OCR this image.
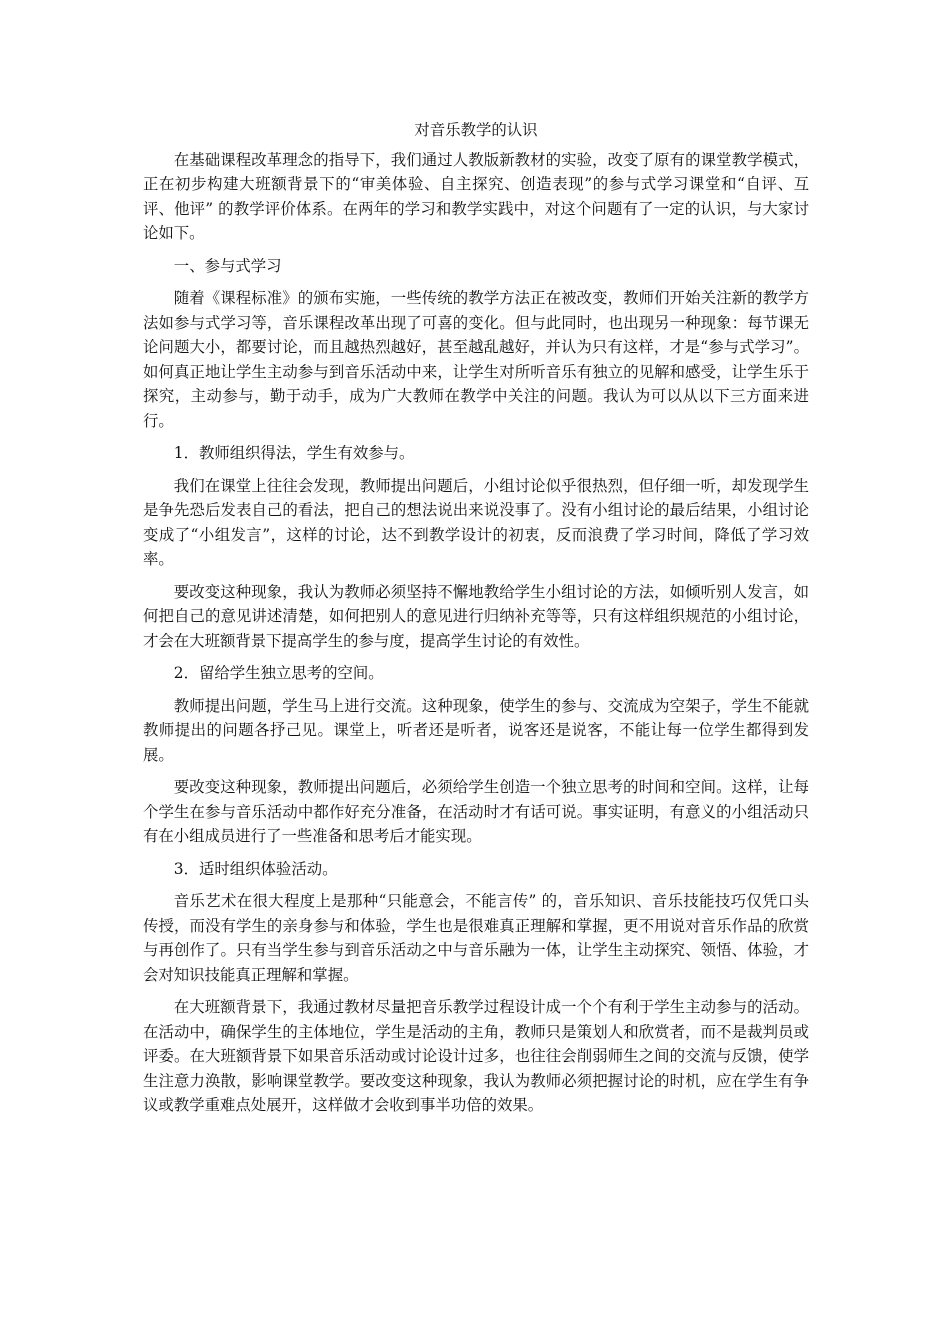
对音乐教学的认识

在基础课程改革理念的指导下，我们通过人教版新教材的实验，改变了原有的课堂教学模式，正在初步构建大班额背景下的“审美体验、自主探究、创造表现”的参与式学习课堂和“自评、互评、他评” 的教学评价体系。在两年的学习和教学实践中，对这个问题有了一定的认识，与大家讨论如下。

一、参与式学习

随着《课程标准》的颁布实施，一些传统的教学方法正在被改变，教师们开始关注新的教学方法如参与式学习等，音乐课程改革出现了可喜的变化。但与此同时，也出现另一种现象：每节课无论问题大小，都要讨论，而且越热烈越好，甚至越乱越好，并认为只有这样，才是“参与式学习”。如何真正地让学生主动参与到音乐活动中来，让学生对所听音乐有独立的见解和感受，让学生乐于探究，主动参与，勤于动手，成为广大教师在教学中关注的问题。我认为可以从以下三方面来进行。

1．教师组织得法，学生有效参与。

我们在课堂上往往会发现，教师提出问题后，小组讨论似乎很热烈，但仔细一听，却发现学生是争先恐后发表自己的看法，把自己的想法说出来说没事了。没有小组讨论的最后结果，小组讨论变成了“小组发言”，这样的讨论，达不到教学设计的初衷，反而浪费了学习时间，降低了学习效率。

要改变这种现象，我认为教师必须坚持不懈地教给学生小组讨论的方法，如倾听别人发言，如何把自己的意见讲述清楚，如何把别人的意见进行归纳补充等等，只有这样组织规范的小组讨论，才会在大班额背景下提高学生的参与度，提高学生讨论的有效性。

2．留给学生独立思考的空间。

教师提出问题，学生马上进行交流。这种现象，使学生的参与、交流成为空架子，学生不能就教师提出的问题各抒己见。课堂上，听者还是听者，说客还是说客，不能让每一位学生都得到发展。

要改变这种现象，教师提出问题后，必须给学生创造一个独立思考的时间和空间。这样，让每个学生在参与音乐活动中都作好充分准备，在活动时才有话可说。事实证明，有意义的小组活动只有在小组成员进行了一些准备和思考后才能实现。

3．适时组织体验活动。

音乐艺术在很大程度上是那种“只能意会，不能言传” 的，音乐知识、音乐技能技巧仅凭口头传授，而没有学生的亲身参与和体验，学生也是很难真正理解和掌握，更不用说对音乐作品的欣赏与再创作了。只有当学生参与到音乐活动之中与音乐融为一体，让学生主动探究、领悟、体验，才会对知识技能真正理解和掌握。

在大班额背景下，我通过教材尽量把音乐教学过程设计成一个个有利于学生主动参与的活动。在活动中，确保学生的主体地位，学生是活动的主角，教师只是策划人和欣赏者，而不是裁判员或评委。在大班额背景下如果音乐活动或讨论设计过多，也往往会削弱师生之间的交流与反馈，使学生注意力涣散，影响课堂教学。要改变这种现象，我认为教师必须把握讨论的时机，应在学生有争议或教学重难点处展开，这样做才会收到事半功倍的效果。
